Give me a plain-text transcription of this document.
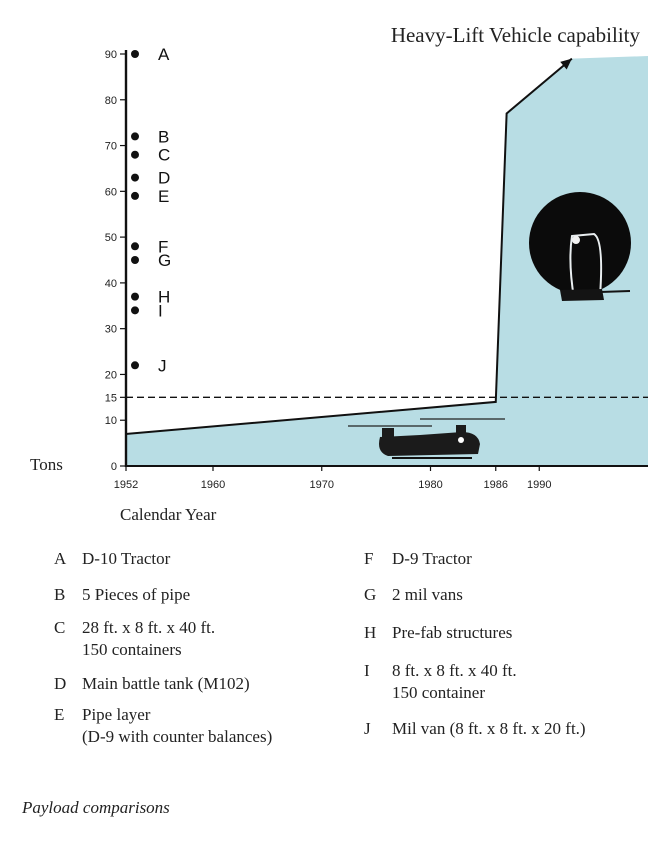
0
10
15
20
30
40
50
60
70
80
90
1952	1960	1970	1980	1986 1990
A
B
C
D
E
F
G
H
I
J
Heavy-Lift Vehicle capability
Tons
Calendar Year
A D-10 Tractor
B 5 Pieces of pipe
C 28 ft. x 8 ft. x 40 ft.
150 containers
D Main battle tank (M102)
E Pipe layer
(D-9 with counter balances)
F D-9 Tractor
G 2 mil vans
H Pre-fab structures
I 8 ft. x 8 ft. x 40 ft.
150 container
J Mil van (8 ft. x 8 ft. x 20 ft.)
Payload comparisons
